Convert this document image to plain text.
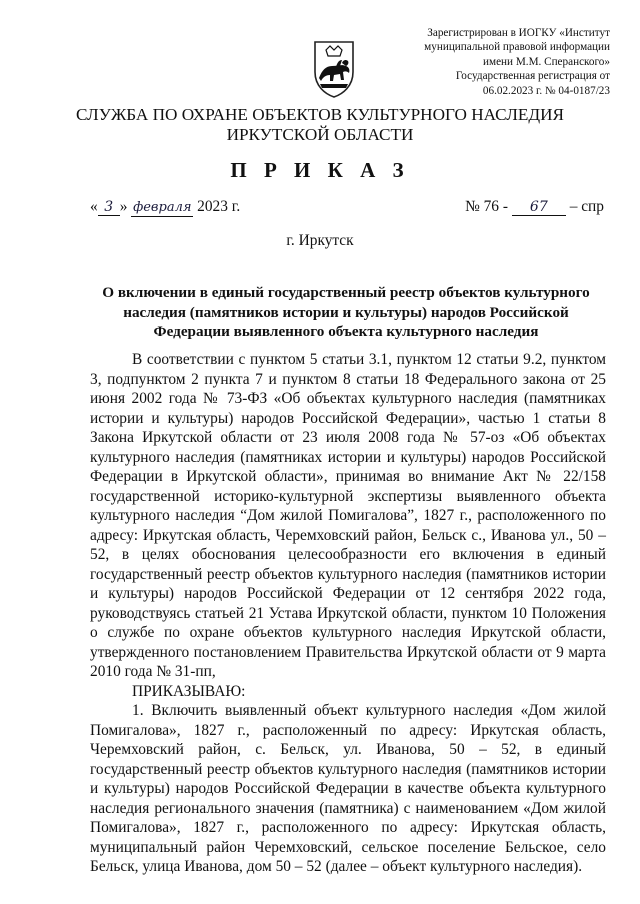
Зарегистрирован в ИОГКУ «Институт
муниципальной правовой информации
имени М.М. Сперанского»
Государственная регистрация от
06.02.2023 г. № 04-0187/23
СЛУЖБА ПО ОХРАНЕ ОБЪЕКТОВ КУЛЬТУРНОГО НАСЛЕДИЯ
ИРКУТСКОЙ ОБЛАСТИ
П Р И К А З
« 3 » февраля 2023 г.	№ 76 - 67 – спр
г. Иркутск
О включении в единый государственный реестр объектов культурного
наследия (памятников истории и культуры) народов Российской
Федерации выявленного объекта культурного наследия

В соответствии с пунктом 5 статьи 3.1, пунктом 12 статьи 9.2, пунктом 3, подпунктом 2 пункта 7 и пунктом 8 статьи 18 Федерального закона от 25 июня 2002 года № 73-ФЗ «Об объектах культурного наследия (памятниках истории и культуры) народов Российской Федерации», частью 1 статьи 8 Закона Иркутской области от 23 июля 2008 года № 57-оз «Об объектах культурного наследия (памятниках истории и культуры) народов Российской Федерации в Иркутской области», принимая во внимание Акт № 22/158 государственной историко-культурной экспертизы выявленного объекта культурного наследия “Дом жилой Помигалова”, 1827 г., расположенного по адресу: Иркутская область, Черемховский район, Бельск с., Иванова ул., 50 – 52, в целях обоснования целесообразности его включения в единый государственный реестр объектов культурного наследия (памятников истории и культуры) народов Российской Федерации от 12 сентября 2022 года, руководствуясь статьей 21 Устава Иркутской области, пунктом 10 Положения о службе по охране объектов культурного наследия Иркутской области, утвержденного постановлением Правительства Иркутской области от 9 марта 2010 года № 31-пп,

ПРИКАЗЫВАЮ:

1. Включить выявленный объект культурного наследия «Дом жилой Помигалова», 1827 г., расположенный по адресу: Иркутская область, Черемховский район, с. Бельск, ул. Иванова, 50 – 52, в единый государственный реестр объектов культурного наследия (памятников истории и культуры) народов Российской Федерации в качестве объекта культурного наследия регионального значения (памятника) с наименованием «Дом жилой Помигалова», 1827 г., расположенного по адресу: Иркутская область, муниципальный район Черемховский, сельское поселение Бельское, село Бельск, улица Иванова, дом 50 – 52 (далее – объект культурного наследия).
